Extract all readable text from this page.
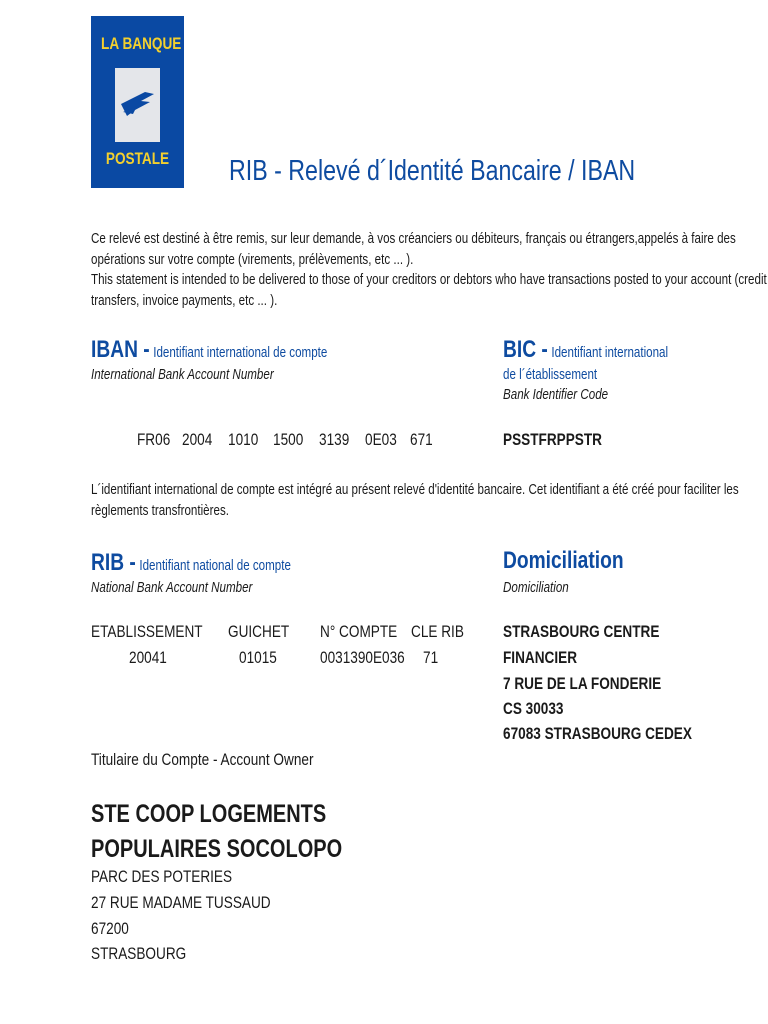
LA BANQUE
POSTALE	RIB - Relevé d´Identité Bancaire / IBAN
Ce relevé est destiné à être remis, sur leur demande, à vos créanciers ou débiteurs, français ou étrangers,appelés à faire des
opérations sur votre compte (virements, prélèvements, etc ... ).
This statement is intended to be delivered to those of your creditors or debtors who have transactions posted to your account (credit
transfers, invoice payments, etc ... ).
IBAN - Identifiant international de compte
International Bank Account Number
BIC - Identifiant international
de l´établissement
Bank Identifier Code
FR06 2004 1010 1500 3139 0E03 671	PSSTFRPPSTR
L´identifiant international de compte est intégré au présent relevé d'identité bancaire. Cet identifiant a été créé pour faciliter les
règlements transfrontières.
RIB - Identifiant national de compte
National Bank Account Number
Domiciliation
Domiciliation
ETABLISSEMENT
20041
GUICHET
01015
N° COMPTE
0031390E036
CLE RIB
71
STRASBOURG CENTRE
FINANCIER
7 RUE DE LA FONDERIE
CS 30033
67083 STRASBOURG CEDEX
Titulaire du Compte - Account Owner
STE COOP LOGEMENTS
POPULAIRES SOCOLOPO
PARC DES POTERIES
27 RUE MADAME TUSSAUD
67200
STRASBOURG
